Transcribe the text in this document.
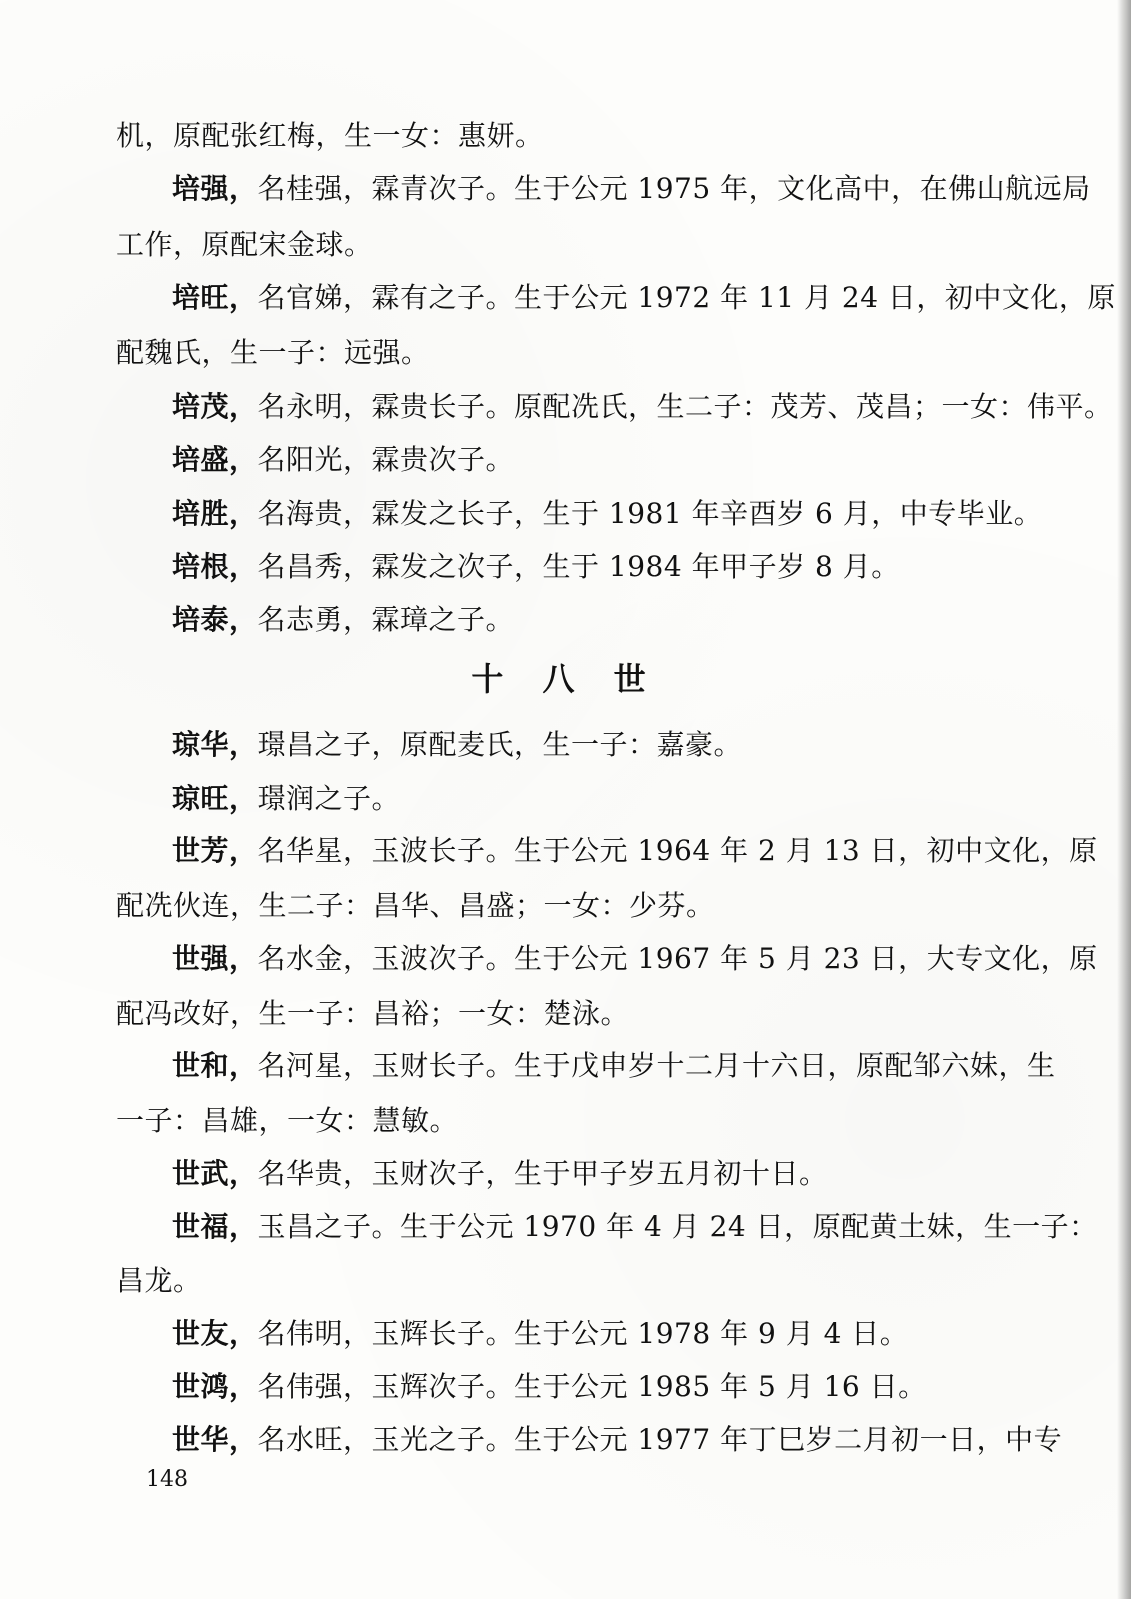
机，原配张红梅，生一女：惠妍。
培强，名桂强，霖青次子。生于公元 1975 年，文化高中，在佛山航远局
工作，原配宋金球。
培旺，名官娣，霖有之子。生于公元 1972 年 11 月 24 日，初中文化，原
配魏氏，生一子：远强。
培茂，名永明，霖贵长子。原配冼氏，生二子：茂芳、茂昌；一女：伟平。
培盛，名阳光，霖贵次子。
培胜，名海贵，霖发之长子，生于 1981 年辛酉岁 6 月，中专毕业。
培根，名昌秀，霖发之次子，生于 1984 年甲子岁 8 月。
培泰，名志勇，霖璋之子。
十 八 世
琼华，璟昌之子，原配麦氏，生一子：嘉豪。
琼旺，璟润之子。
世芳，名华星，玉波长子。生于公元 1964 年 2 月 13 日，初中文化，原
配冼伙连，生二子：昌华、昌盛；一女：少芬。
世强，名水金，玉波次子。生于公元 1967 年 5 月 23 日，大专文化，原
配冯改好，生一子：昌裕；一女：楚泳。
世和，名河星，玉财长子。生于戊申岁十二月十六日，原配邹六妹，生
一子：昌雄，一女：慧敏。
世武，名华贵，玉财次子，生于甲子岁五月初十日。
世福，玉昌之子。生于公元 1970 年 4 月 24 日，原配黄土妹，生一子：
昌龙。
世友，名伟明，玉辉长子。生于公元 1978 年 9 月 4 日。
世鸿，名伟强，玉辉次子。生于公元 1985 年 5 月 16 日。
世华，名水旺，玉光之子。生于公元 1977 年丁巳岁二月初一日，中专
148
